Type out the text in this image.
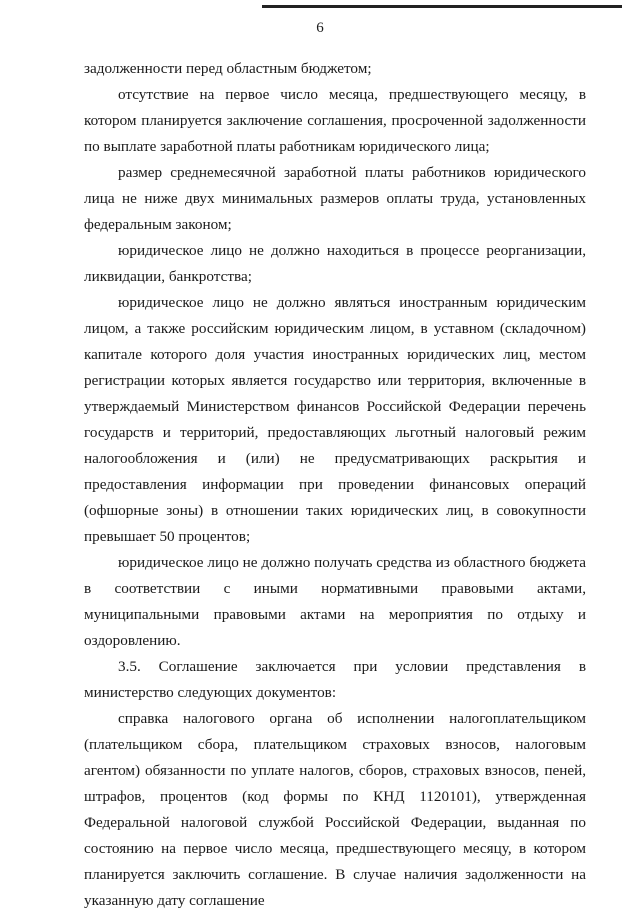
6

задолженности перед областным бюджетом;

отсутствие на первое число месяца, предшествующего месяцу, в котором планируется заключение соглашения, просроченной задолженности по выплате заработной платы работникам юридического лица;

размер среднемесячной заработной платы работников юридического лица не ниже двух минимальных размеров оплаты труда, установленных федеральным законом;

юридическое лицо не должно находиться в процессе реорганизации, ликвидации, банкротства;

юридическое лицо не должно являться иностранным юридическим лицом, а также российским юридическим лицом, в уставном (складочном) капитале которого доля участия иностранных юридических лиц, местом регистрации которых является государство или территория, включенные в утверждаемый Министерством финансов Российской Федерации перечень государств и территорий, предоставляющих льготный налоговый режим налогообложения и (или) не предусматривающих раскрытия и предоставления информации при проведении финансовых операций (офшорные зоны) в отношении таких юридических лиц, в совокупности превышает 50 процентов;

юридическое лицо не должно получать средства из областного бюджета в соответствии с иными нормативными правовыми актами, муниципальными правовыми актами на мероприятия по отдыху и оздоровлению.

3.5. Соглашение заключается при условии представления в министерство следующих документов:

справка налогового органа об исполнении налогоплательщиком (плательщиком сбора, плательщиком страховых взносов, налоговым агентом) обязанности по уплате налогов, сборов, страховых взносов, пеней, штрафов, процентов (код формы по КНД 1120101), утвержденная Федеральной налоговой службой Российской Федерации, выданная по состоянию на первое число месяца, предшествующего месяцу, в котором планируется заключить соглашение. В случае наличия задолженности на указанную дату соглашение
